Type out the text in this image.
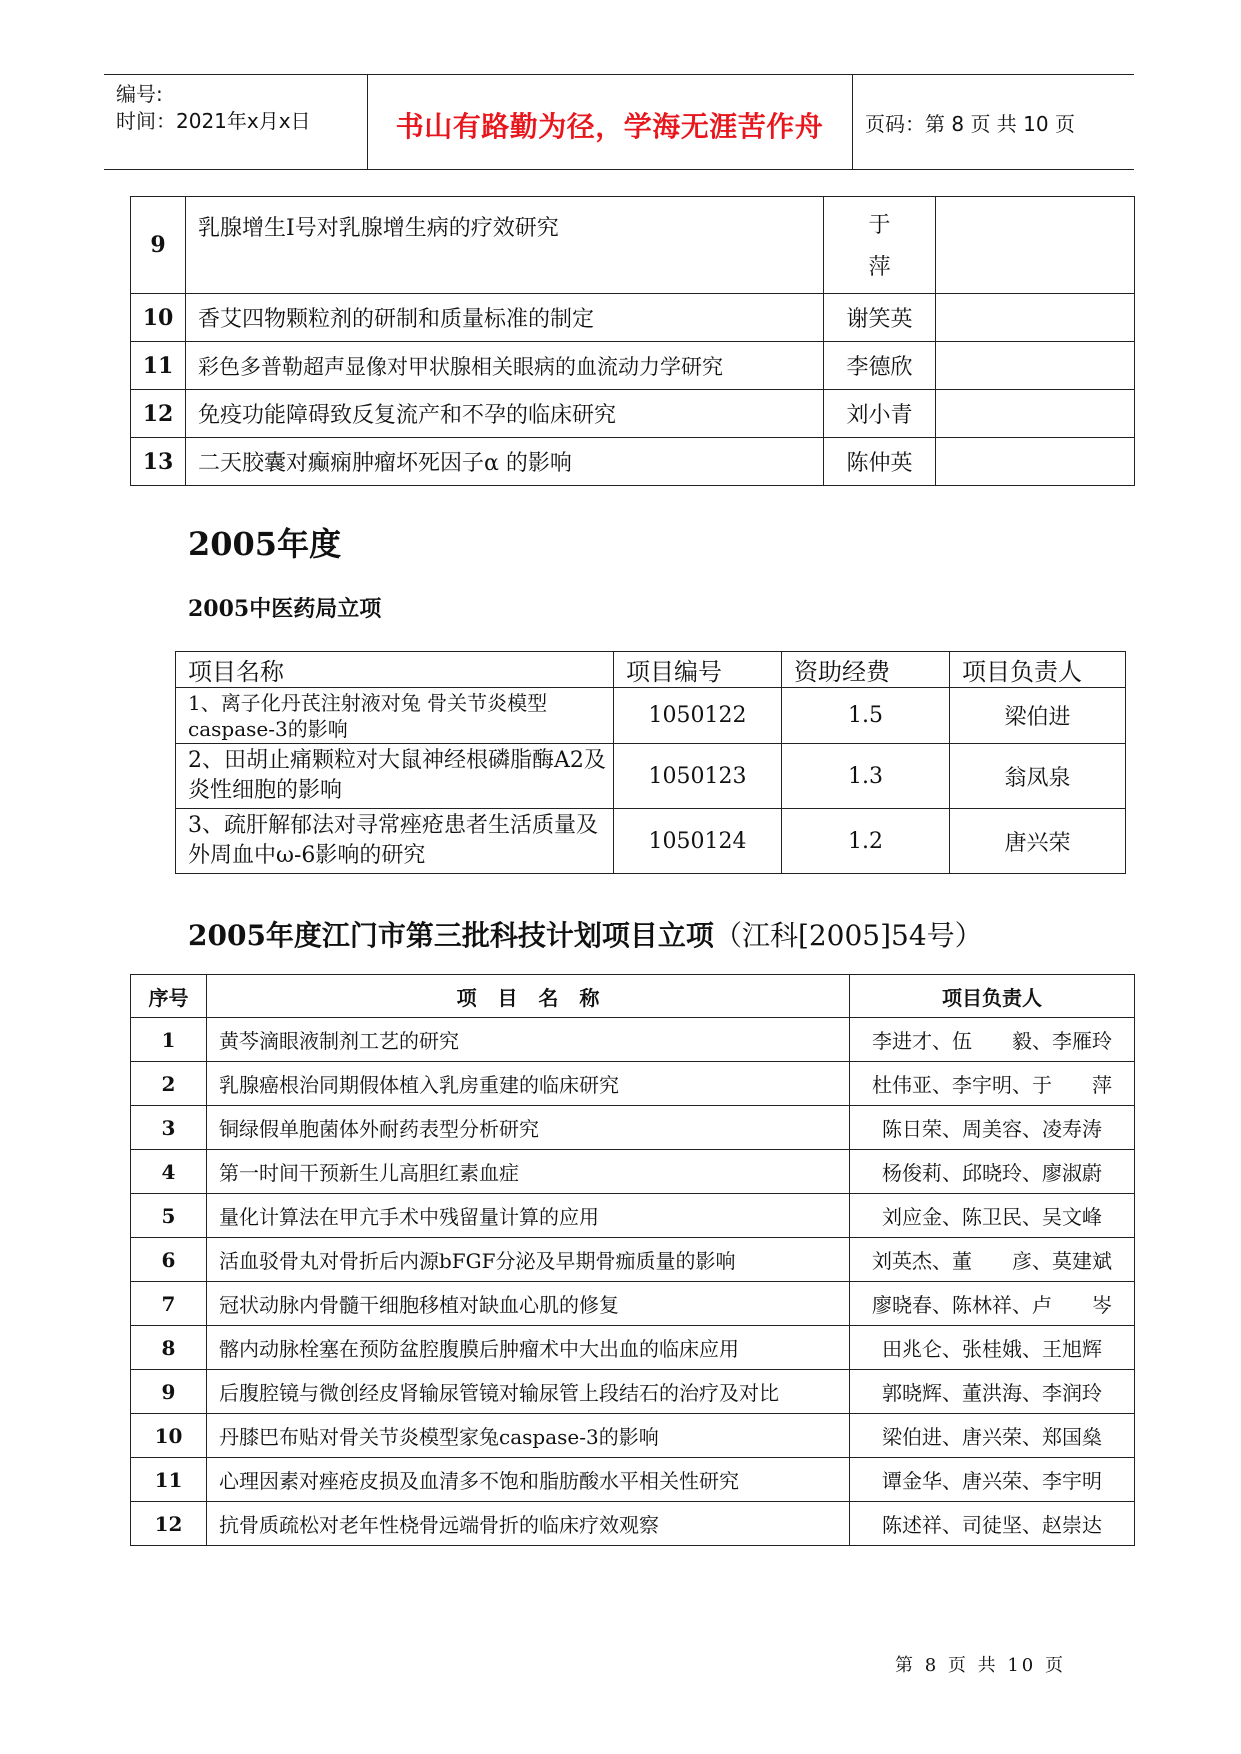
编号:
时间：2021年x月x日	书山有路勤为径，学海无涯苦作舟	页码：第 8 页 共 10 页
9	乳腺增生Ⅰ号对乳腺增生病的疗效研究	于萍	

10	香艾四物颗粒剂的研制和质量标准的制定	谢笑英	
11	彩色多普勒超声显像对甲状腺相关眼病的血流动力学研究	李德欣	
12	免疫功能障碍致反复流产和不孕的临床研究	刘小青	
13	二天胶囊对癫痫肿瘤坏死因子α 的影响	陈仲英	
2005年度
2005中医药局立项
项目名称	项目编号	资助经费	项目负责人
1、离子化丹芪注射液对兔 骨关节炎模型caspase-3的影响	1050122	1.5	梁伯进
2、田胡止痛颗粒对大鼠神经根磷脂酶A2及炎性细胞的影响	1050123	1.3	翁凤泉
3、疏肝解郁法对寻常痤疮患者生活质量及外周血中ω-6影响的研究	1050124	1.2	唐兴荣
2005年度江门市第三批科技计划项目立项（江科[2005]54号）
序号	项   目   名   称	项目负责人
1	黄芩滴眼液制剂工艺的研究	李进才、伍　　毅、李雁玲
2	乳腺癌根治同期假体植入乳房重建的临床研究	杜伟亚、李宇明、于　　萍
3	铜绿假单胞菌体外耐药表型分析研究	陈日荣、周美容、凌寿涛
4	第一时间干预新生儿高胆红素血症	杨俊莉、邱晓玲、廖淑蔚
5	量化计算法在甲亢手术中残留量计算的应用	刘应金、陈卫民、吴文峰
6	活血驳骨丸对骨折后内源bFGF分泌及早期骨痂质量的影响	刘英杰、董　　彦、莫建斌
7	冠状动脉内骨髓干细胞移植对缺血心肌的修复	廖晓春、陈林祥、卢　　岑
8	髂内动脉栓塞在预防盆腔腹膜后肿瘤术中大出血的临床应用	田兆仑、张桂娥、王旭辉
9	后腹腔镜与微创经皮肾输尿管镜对输尿管上段结石的治疗及对比	郭晓辉、董洪海、李润玲
10	丹膝巴布贴对骨关节炎模型家兔caspase-3的影响	梁伯进、唐兴荣、郑国燊
11	心理因素对痤疮皮损及血清多不饱和脂肪酸水平相关性研究	谭金华、唐兴荣、李宇明
12	抗骨质疏松对老年性桡骨远端骨折的临床疗效观察	陈述祥、司徒坚、赵崇达
第 8 页 共 10 页
